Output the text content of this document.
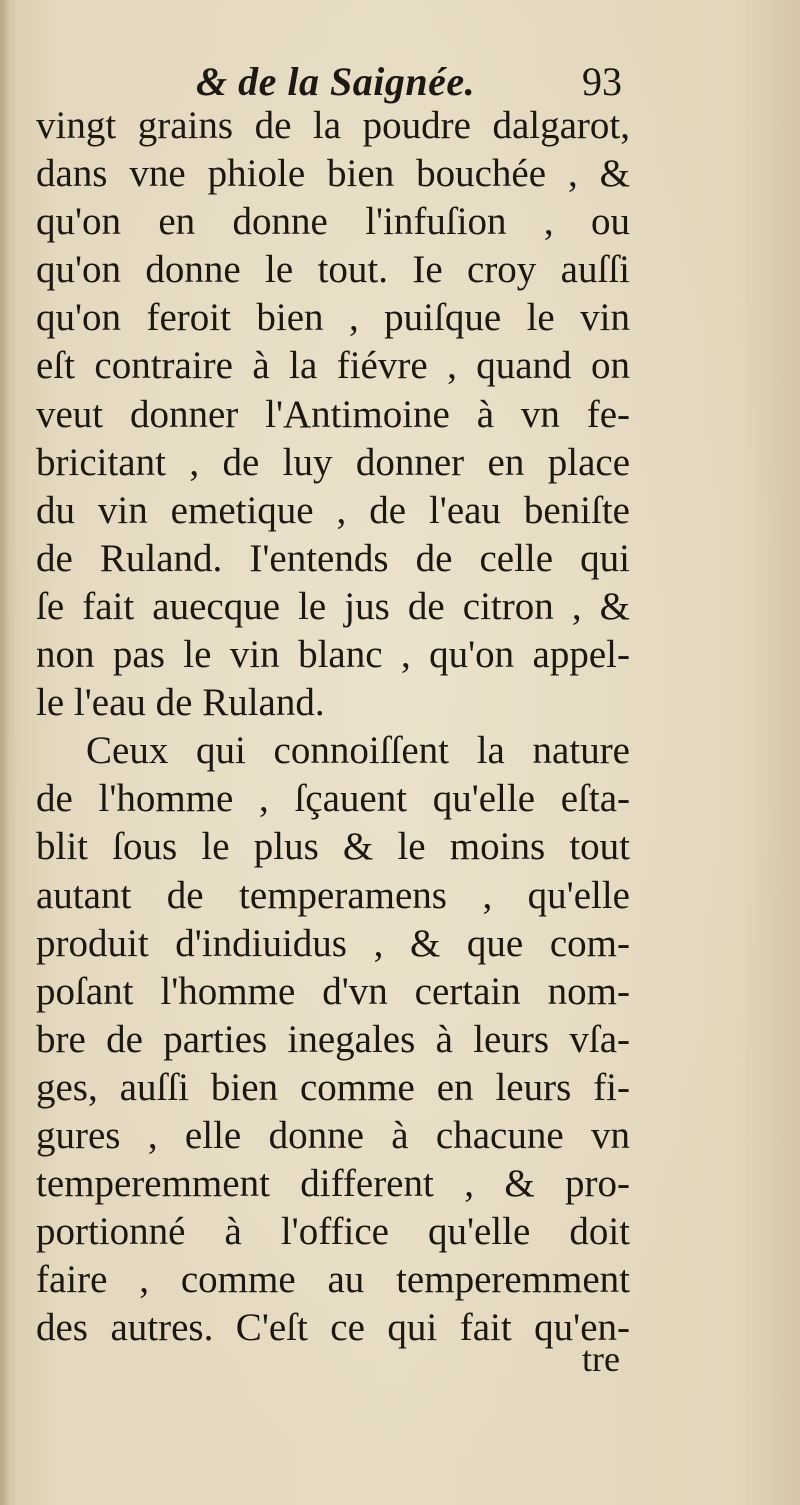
& de la Saignée.	93
vingt grains de la poudre dalgarot,
dans vne phiole bien bouchée , &
qu'on en donne l'infuſion , ou
qu'on donne le tout. Ie croy auſſi
qu'on feroit bien , puiſque le vin
eſt contraire à la fiévre , quand on
veut donner l'Antimoine à vn fe-
bricitant , de luy donner en place
du vin emetique , de l'eau beniſte
de Ruland. I'entends de celle qui
ſe fait auecque le jus de citron , &
non pas le vin blanc , qu'on appel-
le l'eau de Ruland.
Ceux qui connoiſſent la nature
de l'homme , ſçauent qu'elle eſta-
blit ſous le plus & le moins tout
autant de temperamens , qu'elle
produit d'indiuidus , & que com-
poſant l'homme d'vn certain nom-
bre de parties inegales à leurs vſa-
ges, auſſi bien comme en leurs fi-
gures , elle donne à chacune vn
temperemment different , & pro-
portionné à l'office qu'elle doit
faire , comme au temperemment
des autres. C'eſt ce qui fait qu'en-
tre
